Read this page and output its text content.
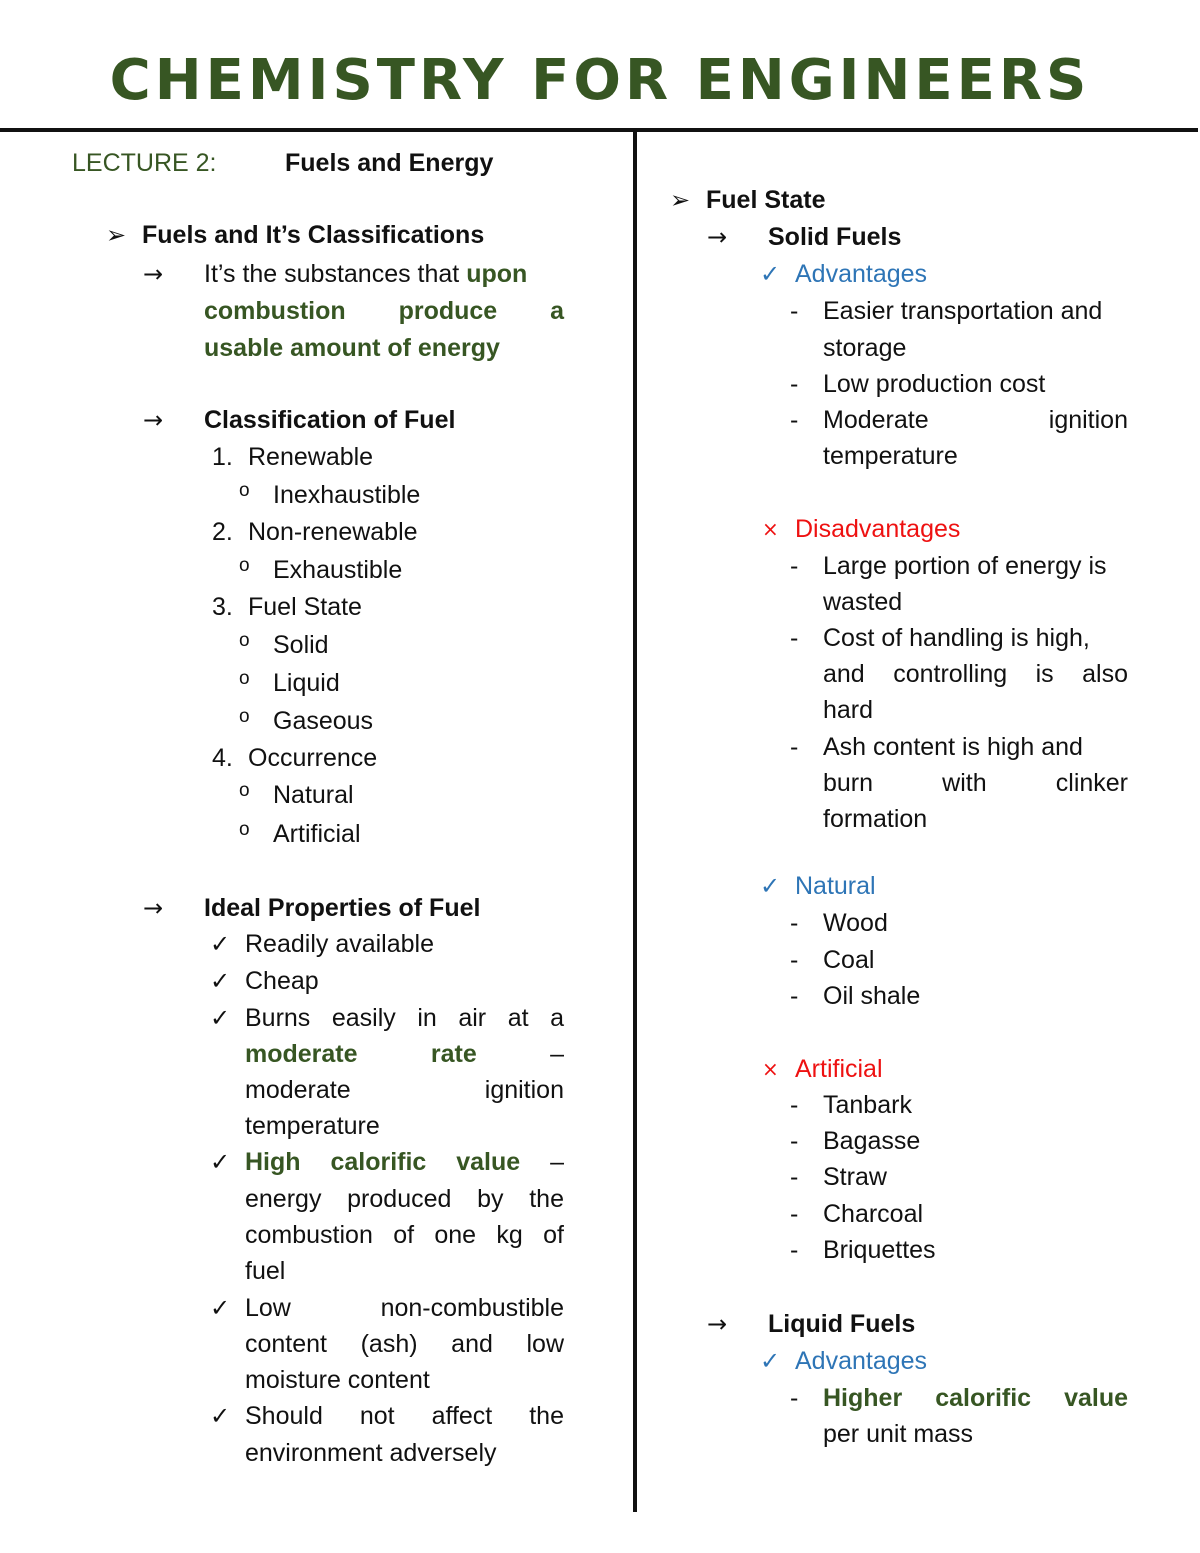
CHEMISTRY FOR ENGINEERS
LECTURE 2:	Fuels and Energy
➢ Fuels and It’s Classifications
→ It’s the substances that upon
combustion produce a
usable amount of energy
→ Classification of Fuel
1. Renewable
o Inexhaustible
2. Non-renewable
o Exhaustible
3. Fuel State
o Solid
o Liquid
o Gaseous
4. Occurrence
o Natural
o Artificial
→ Ideal Properties of Fuel
✓ Readily available
✓ Cheap
✓ Burns easily in air at a
moderate	rate	–
moderate	ignition
temperature
✓ High calorific value –
energy produced by the
combustion of one kg of
fuel
✓ Low	non-combustible
content (ash) and low
moisture content
✓ Should not affect the
environment adversely
➢ Fuel State
→ Solid Fuels
✓ Advantages
- Easier transportation and
storage
- Low production cost
- Moderate	ignition
temperature
× Disadvantages
- Large portion of energy is
wasted
- Cost of handling is high,
and controlling is also
hard
- Ash content is high and
burn	with	clinker
formation
✓ Natural
- Wood
- Coal
- Oil shale
× Artificial
- Tanbark
- Bagasse
- Straw
- Charcoal
- Briquettes
→ Liquid Fuels
✓ Advantages
- Higher calorific value
per unit mass
